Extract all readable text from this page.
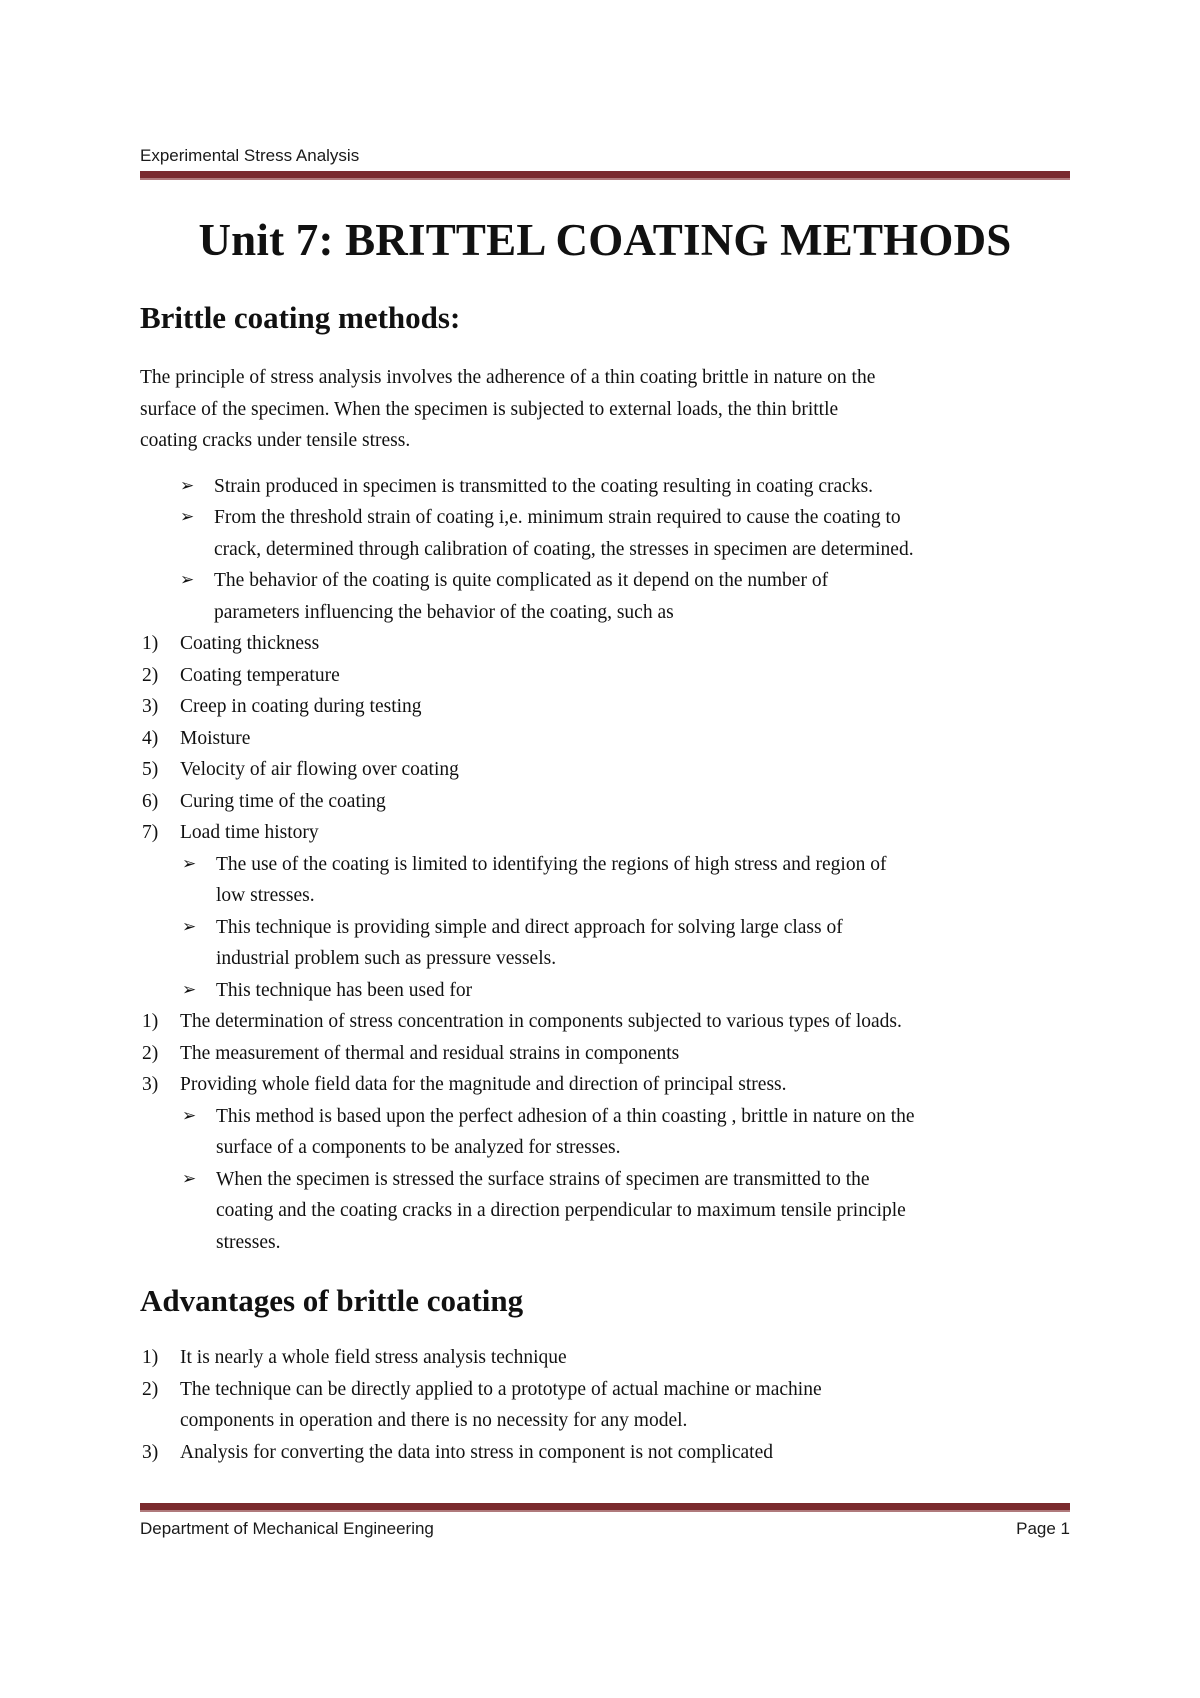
Experimental Stress Analysis
Unit 7: BRITTEL COATING METHODS
Brittle coating methods:

The principle of stress analysis involves the adherence of a thin coating brittle in nature on the

surface of the specimen. When the specimen is subjected to external loads, the thin brittle

coating cracks under tensile stress.

➢ Strain produced in specimen is transmitted to the coating resulting in coating cracks.
➢ From the threshold strain of coating i,e. minimum strain required to cause the coating to
crack, determined through calibration of coating, the stresses in specimen are determined.
➢ The behavior of the coating is quite complicated as it depend on the number of
parameters influencing the behavior of the coating, such as
1) Coating thickness
2) Coating temperature
3) Creep in coating during testing
4) Moisture
5) Velocity of air flowing over coating
6) Curing time of the coating
7) Load time history
➢ The use of the coating is limited to identifying the regions of high stress and region of
low stresses.
➢ This technique is providing simple and direct approach for solving large class of
industrial problem such as pressure vessels.
➢ This technique has been used for
1) The determination of stress concentration in components subjected to various types of loads.
2) The measurement of thermal and residual strains in components
3) Providing whole field data for the magnitude and direction of principal stress.
➢ This method is based upon the perfect adhesion of a thin coasting , brittle in nature on the
surface of a components to be analyzed for stresses.
➢ When the specimen is stressed the surface strains of specimen are transmitted to the
coating and the coating cracks in a direction perpendicular to maximum tensile principle
stresses.
Advantages of brittle coating
1) It is nearly a whole field stress analysis technique
2) The technique can be directly applied to a prototype of actual machine or machine
components in operation and there is no necessity for any model.
3) Analysis for converting the data into stress in component is not complicated
Department of Mechanical Engineering	Page 1
